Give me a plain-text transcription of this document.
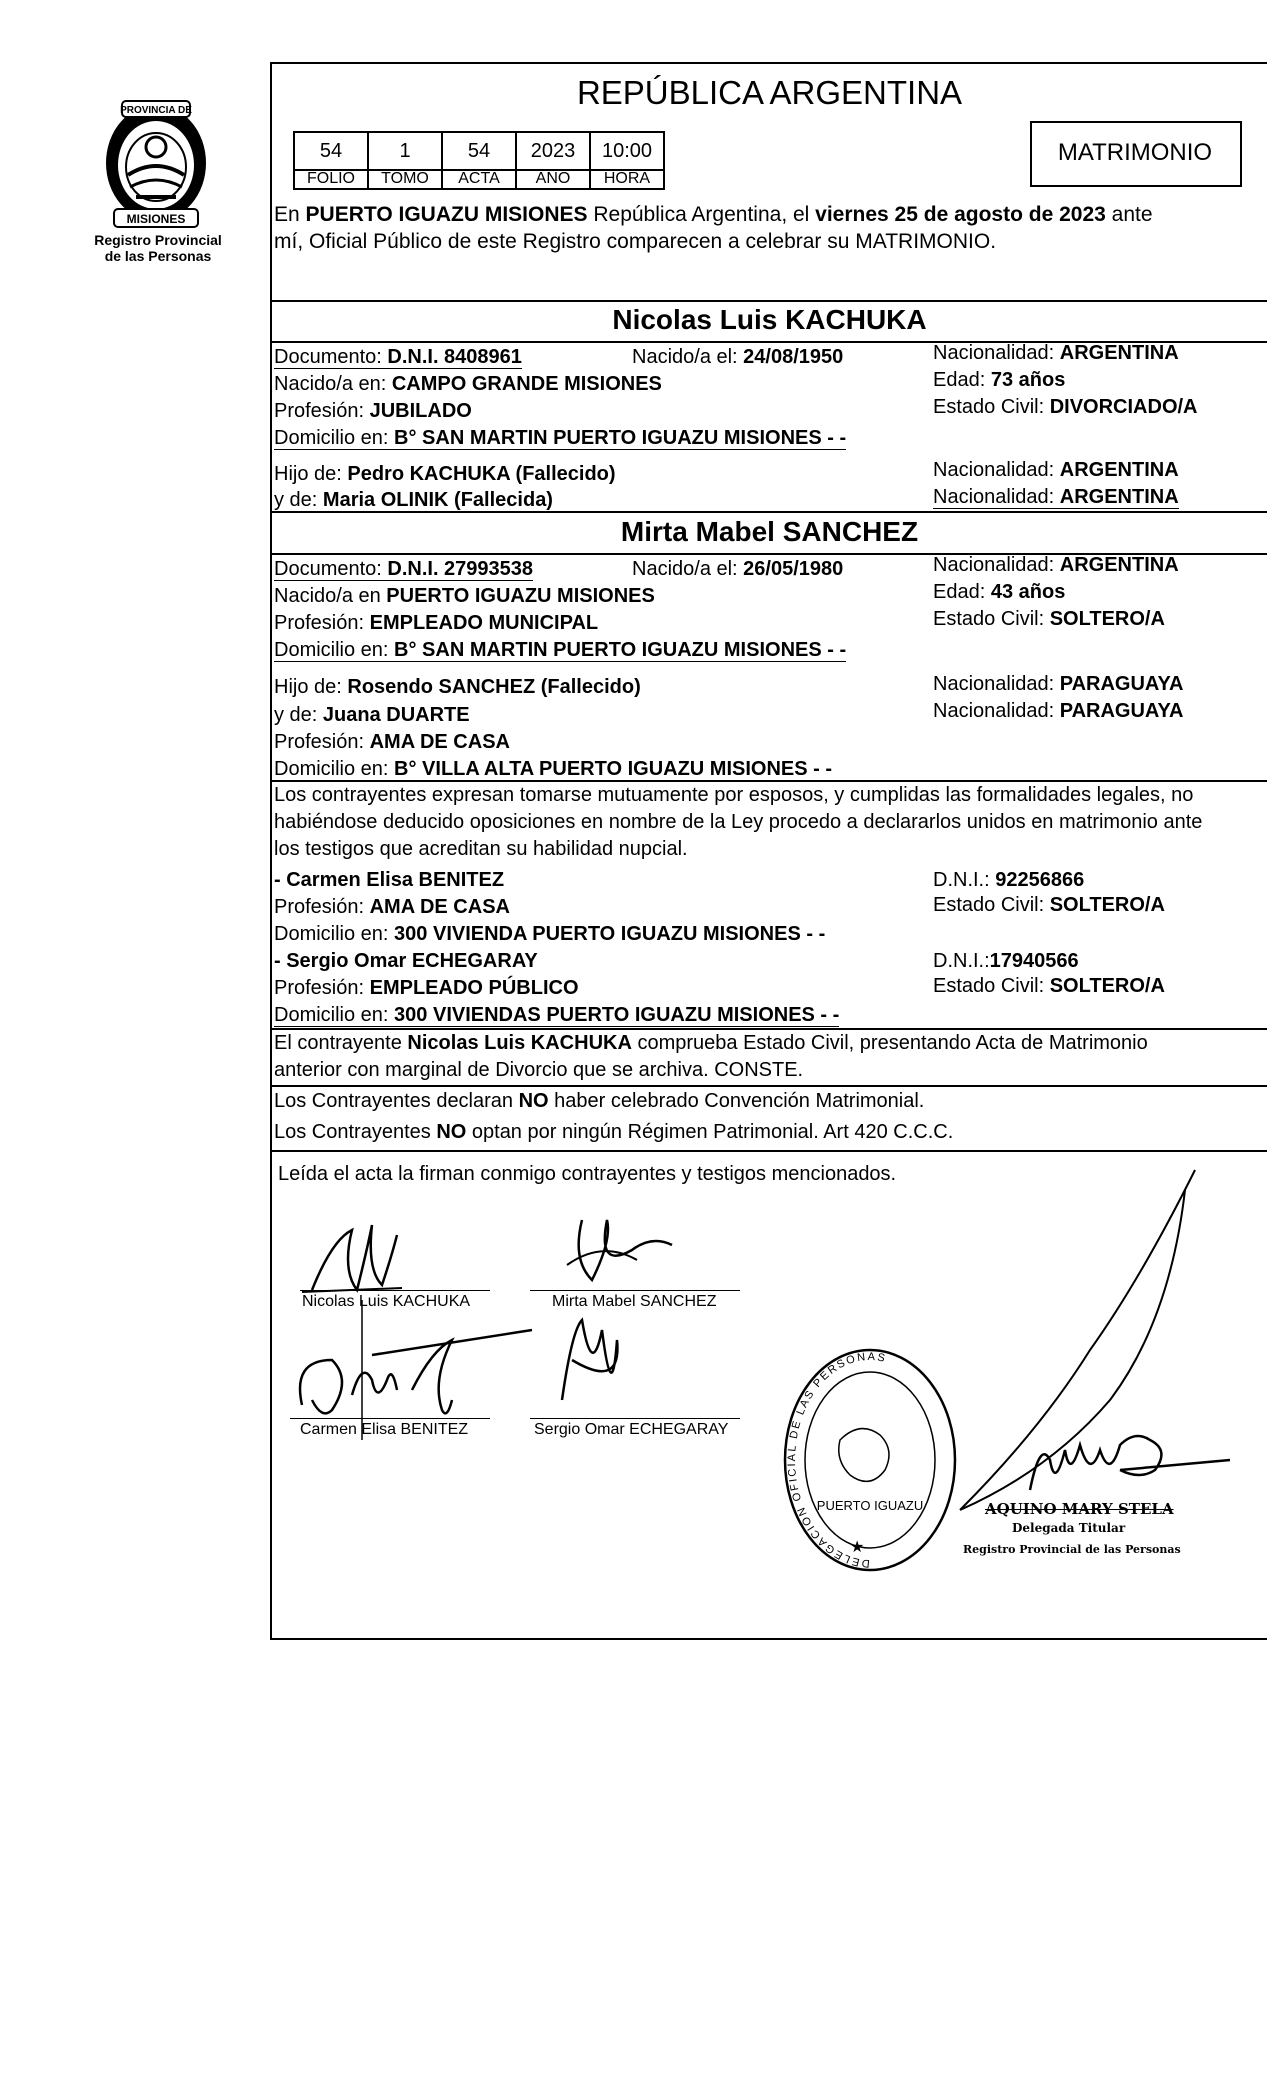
PROVINCIA DE
MISIONES
Registro Provincial
de las Personas
REPÚBLICA ARGENTINA
MATRIMONIO
54	1	54	2023	10:00
FOLIO	TOMO	ACTA	AÑO	HORA
En PUERTO IGUAZU MISIONES República Argentina, el viernes 25 de agosto de 2023 ante
mí, Oficial Público de este Registro comparecen a celebrar su MATRIMONIO.
Nicolas Luis KACHUKA
Documento: D.N.I. 8408961	Nacido/a el: 24/08/1950	Nacionalidad: ARGENTINA
Nacido/a en: CAMPO GRANDE MISIONES	Edad: 73 años
Profesión: JUBILADO	Estado Civil: DIVORCIADO/A
Domicilio en: B° SAN MARTIN PUERTO IGUAZU MISIONES - -
Hijo de: Pedro KACHUKA (Fallecido)	Nacionalidad: ARGENTINA
y de: Maria OLINIK (Fallecida)	Nacionalidad: ARGENTINA
Mirta Mabel SANCHEZ
Documento: D.N.I. 27993538	Nacido/a el: 26/05/1980	Nacionalidad: ARGENTINA
Nacido/a en PUERTO IGUAZU MISIONES	Edad: 43 años
Profesión: EMPLEADO MUNICIPAL	Estado Civil: SOLTERO/A
Domicilio en: B° SAN MARTIN PUERTO IGUAZU MISIONES - -
Hijo de: Rosendo SANCHEZ (Fallecido)	Nacionalidad: PARAGUAYA
y de: Juana DUARTE	Nacionalidad: PARAGUAYA
Profesión: AMA DE CASA
Domicilio en: B° VILLA ALTA PUERTO IGUAZU MISIONES - -
Los contrayentes expresan tomarse mutuamente por esposos, y cumplidas las formalidades legales, no
habiéndose deducido oposiciones en nombre de la Ley procedo a declararlos unidos en matrimonio ante
los testigos que acreditan su habilidad nupcial.
- Carmen Elisa BENITEZ	D.N.I.: 92256866
Profesión: AMA DE CASA	Estado Civil: SOLTERO/A
Domicilio en: 300 VIVIENDA PUERTO IGUAZU MISIONES - -
- Sergio Omar ECHEGARAY	D.N.I.:17940566
Profesión: EMPLEADO PÚBLICO	Estado Civil: SOLTERO/A
Domicilio en: 300 VIVIENDAS PUERTO IGUAZU MISIONES - -
El contrayente Nicolas Luis KACHUKA comprueba Estado Civil, presentando Acta de Matrimonio
anterior con marginal de Divorcio que se archiva. CONSTE.
Los Contrayentes declaran NO haber celebrado Convención Matrimonial.
Los Contrayentes NO optan por ningún Régimen Patrimonial. Art 420 C.C.C.
Leída el acta la firman conmigo contrayentes y testigos mencionados.
Nicolas Luis KACHUKA	Mirta Mabel SANCHEZ
Carmen Elisa BENITEZ	Sergio Omar ECHEGARAY
DELEGACIÓN OFICIAL DE LAS PERSONAS
PUERTO IGUAZU
★
AQUINO MARY STELA
Delegada Titular
Registro Provincial de las Personas
